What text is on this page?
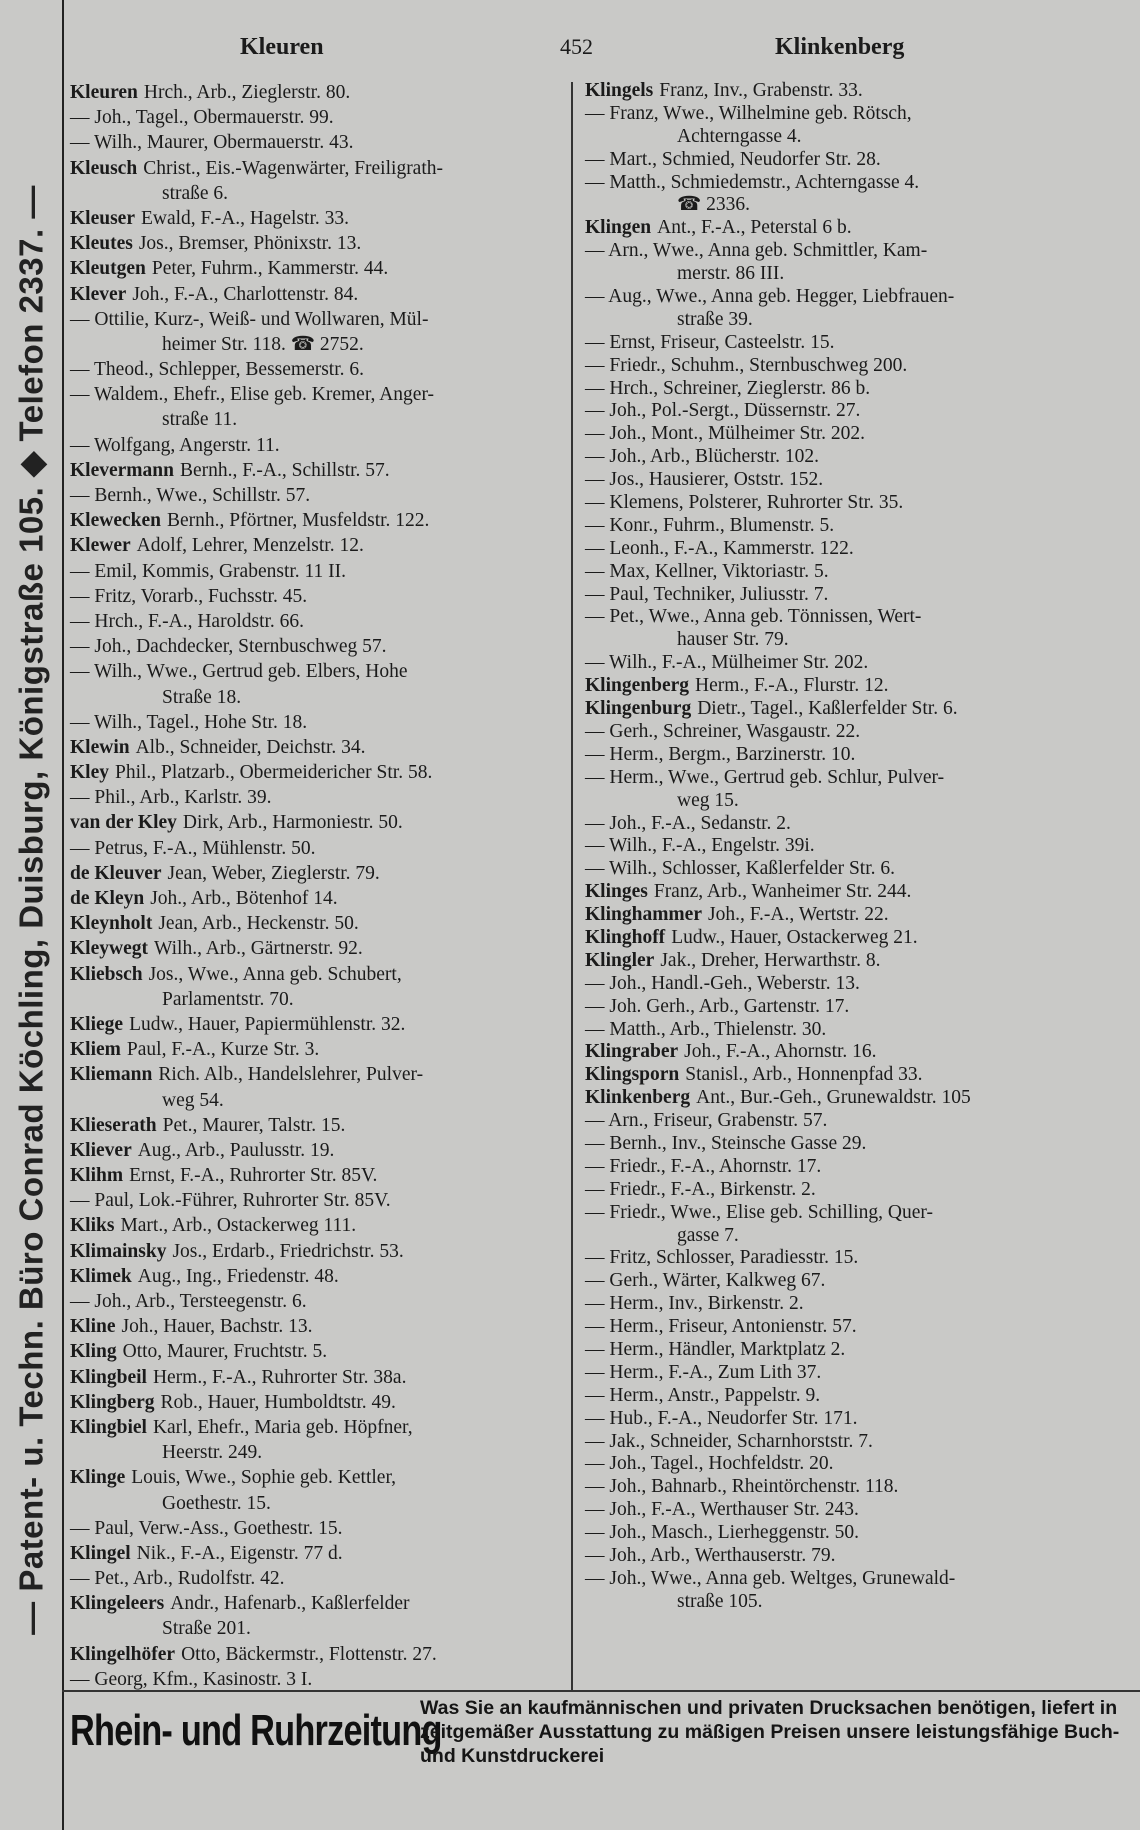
— Patent- u. Techn. Büro Conrad Köchling, Duisburg, Königstraße 105. ◆ Telefon 2337. —
Kleuren	452	Klinkenberg
Kleuren Hrch., Arb., Zieglerstr. 80.
— Joh., Tagel., Obermauerstr. 99.
— Wilh., Maurer, Obermauerstr. 43.
Kleusch Christ., Eis.-Wagenwärter, Freiligrath-
straße 6.
Kleuser Ewald, F.-A., Hagelstr. 33.
Kleutes Jos., Bremser, Phönixstr. 13.
Kleutgen Peter, Fuhrm., Kammerstr. 44.
Klever Joh., F.-A., Charlottenstr. 84.
— Ottilie, Kurz-, Weiß- und Wollwaren, Mül-
heimer Str. 118. ☎ 2752.
— Theod., Schlepper, Bessemerstr. 6.
— Waldem., Ehefr., Elise geb. Kremer, Anger-
straße 11.
— Wolfgang, Angerstr. 11.
Klevermann Bernh., F.-A., Schillstr. 57.
— Bernh., Wwe., Schillstr. 57.
Klewecken Bernh., Pförtner, Musfeldstr. 122.
Klewer Adolf, Lehrer, Menzelstr. 12.
— Emil, Kommis, Grabenstr. 11 II.
— Fritz, Vorarb., Fuchsstr. 45.
— Hrch., F.-A., Haroldstr. 66.
— Joh., Dachdecker, Sternbuschweg 57.
— Wilh., Wwe., Gertrud geb. Elbers, Hohe
Straße 18.
— Wilh., Tagel., Hohe Str. 18.
Klewin Alb., Schneider, Deichstr. 34.
Kley Phil., Platzarb., Obermeidericher Str. 58.
— Phil., Arb., Karlstr. 39.
van der Kley Dirk, Arb., Harmoniestr. 50.
— Petrus, F.-A., Mühlenstr. 50.
de Kleuver Jean, Weber, Zieglerstr. 79.
de Kleyn Joh., Arb., Bötenhof 14.
Kleynholt Jean, Arb., Heckenstr. 50.
Kleywegt Wilh., Arb., Gärtnerstr. 92.
Kliebsch Jos., Wwe., Anna geb. Schubert,
Parlamentstr. 70.
Kliege Ludw., Hauer, Papiermühlenstr. 32.
Kliem Paul, F.-A., Kurze Str. 3.
Kliemann Rich. Alb., Handelslehrer, Pulver-
weg 54.
Klieserath Pet., Maurer, Talstr. 15.
Kliever Aug., Arb., Paulusstr. 19.
Klihm Ernst, F.-A., Ruhrorter Str. 85V.
— Paul, Lok.-Führer, Ruhrorter Str. 85V.
Kliks Mart., Arb., Ostackerweg 111.
Klimainsky Jos., Erdarb., Friedrichstr. 53.
Klimek Aug., Ing., Friedenstr. 48.
— Joh., Arb., Tersteegenstr. 6.
Kline Joh., Hauer, Bachstr. 13.
Kling Otto, Maurer, Fruchtstr. 5.
Klingbeil Herm., F.-A., Ruhrorter Str. 38a.
Klingberg Rob., Hauer, Humboldtstr. 49.
Klingbiel Karl, Ehefr., Maria geb. Höpfner,
Heerstr. 249.
Klinge Louis, Wwe., Sophie geb. Kettler,
Goethestr. 15.
— Paul, Verw.-Ass., Goethestr. 15.
Klingel Nik., F.-A., Eigenstr. 77 d.
— Pet., Arb., Rudolfstr. 42.
Klingeleers Andr., Hafenarb., Kaßlerfelder
Straße 201.
Klingelhöfer Otto, Bäckermstr., Flottenstr. 27.
— Georg, Kfm., Kasinostr. 3 I.
Klingels Franz, Inv., Grabenstr. 33.
— Franz, Wwe., Wilhelmine geb. Rötsch,
Achterngasse 4.
— Mart., Schmied, Neudorfer Str. 28.
— Matth., Schmiedemstr., Achterngasse 4.
☎ 2336.
Klingen Ant., F.-A., Peterstal 6 b.
— Arn., Wwe., Anna geb. Schmittler, Kam-
merstr. 86 III.
— Aug., Wwe., Anna geb. Hegger, Liebfrauen-
straße 39.
— Ernst, Friseur, Casteelstr. 15.
— Friedr., Schuhm., Sternbuschweg 200.
— Hrch., Schreiner, Zieglerstr. 86 b.
— Joh., Pol.-Sergt., Düssernstr. 27.
— Joh., Mont., Mülheimer Str. 202.
— Joh., Arb., Blücherstr. 102.
— Jos., Hausierer, Oststr. 152.
— Klemens, Polsterer, Ruhrorter Str. 35.
— Konr., Fuhrm., Blumenstr. 5.
— Leonh., F.-A., Kammerstr. 122.
— Max, Kellner, Viktoriastr. 5.
— Paul, Techniker, Juliusstr. 7.
— Pet., Wwe., Anna geb. Tönnissen, Wert-
hauser Str. 79.
— Wilh., F.-A., Mülheimer Str. 202.
Klingenberg Herm., F.-A., Flurstr. 12.
Klingenburg Dietr., Tagel., Kaßlerfelder Str. 6.
— Gerh., Schreiner, Wasgaustr. 22.
— Herm., Bergm., Barzinerstr. 10.
— Herm., Wwe., Gertrud geb. Schlur, Pulver-
weg 15.
— Joh., F.-A., Sedanstr. 2.
— Wilh., F.-A., Engelstr. 39i.
— Wilh., Schlosser, Kaßlerfelder Str. 6.
Klinges Franz, Arb., Wanheimer Str. 244.
Klinghammer Joh., F.-A., Wertstr. 22.
Klinghoff Ludw., Hauer, Ostackerweg 21.
Klingler Jak., Dreher, Herwarthstr. 8.
— Joh., Handl.-Geh., Weberstr. 13.
— Joh. Gerh., Arb., Gartenstr. 17.
— Matth., Arb., Thielenstr. 30.
Klingraber Joh., F.-A., Ahornstr. 16.
Klingsporn Stanisl., Arb., Honnenpfad 33.
Klinkenberg Ant., Bur.-Geh., Grunewaldstr. 105
— Arn., Friseur, Grabenstr. 57.
— Bernh., Inv., Steinsche Gasse 29.
— Friedr., F.-A., Ahornstr. 17.
— Friedr., F.-A., Birkenstr. 2.
— Friedr., Wwe., Elise geb. Schilling, Quer-
gasse 7.
— Fritz, Schlosser, Paradiesstr. 15.
— Gerh., Wärter, Kalkweg 67.
— Herm., Inv., Birkenstr. 2.
— Herm., Friseur, Antonienstr. 57.
— Herm., Händler, Marktplatz 2.
— Herm., F.-A., Zum Lith 37.
— Herm., Anstr., Pappelstr. 9.
— Hub., F.-A., Neudorfer Str. 171.
— Jak., Schneider, Scharnhorststr. 7.
— Joh., Tagel., Hochfeldstr. 20.
— Joh., Bahnarb., Rheintörchenstr. 118.
— Joh., F.-A., Werthauser Str. 243.
— Joh., Masch., Lierheggenstr. 50.
— Joh., Arb., Werthauserstr. 79.
— Joh., Wwe., Anna geb. Weltges, Grunewald-
straße 105.
Rhein- und Ruhrzeitung
Was Sie an kaufmännischen und privaten Drucksachen benötigen, liefert in zeitgemäßer Ausstattung zu mäßigen Preisen unsere leistungsfähige Buch- und Kunstdruckerei
